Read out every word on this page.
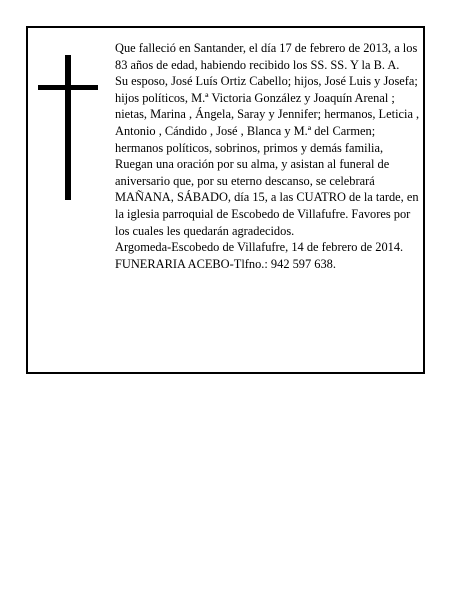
Que falleció en Santander, el día 17 de febrero de 2013, a los 83 años de edad, habiendo recibido los SS. SS. Y la B. A.

Su esposo, José Luís Ortiz Cabello; hijos, José Luis y Josefa; hijos políticos, M.ª Victoria González y Joaquín Arenal ; nietas, Marina , Ángela, Saray y Jennifer; hermanos, Leticia , Antonio , Cándido , José , Blanca y M.ª del Carmen; hermanos políticos, sobrinos, primos y demás familia,

Ruegan una oración por su alma, y asistan al funeral de aniversario que, por su eterno descanso, se celebrará MAÑANA, SÁBADO, día 15, a las CUATRO de la tarde, en la iglesia parroquial de Escobedo de Villafufre. Favores por los cuales les quedarán agradecidos.

Argomeda-Escobedo de Villafufre, 14 de febrero de 2014. FUNERARIA ACEBO-Tlfno.: 942 597 638.
